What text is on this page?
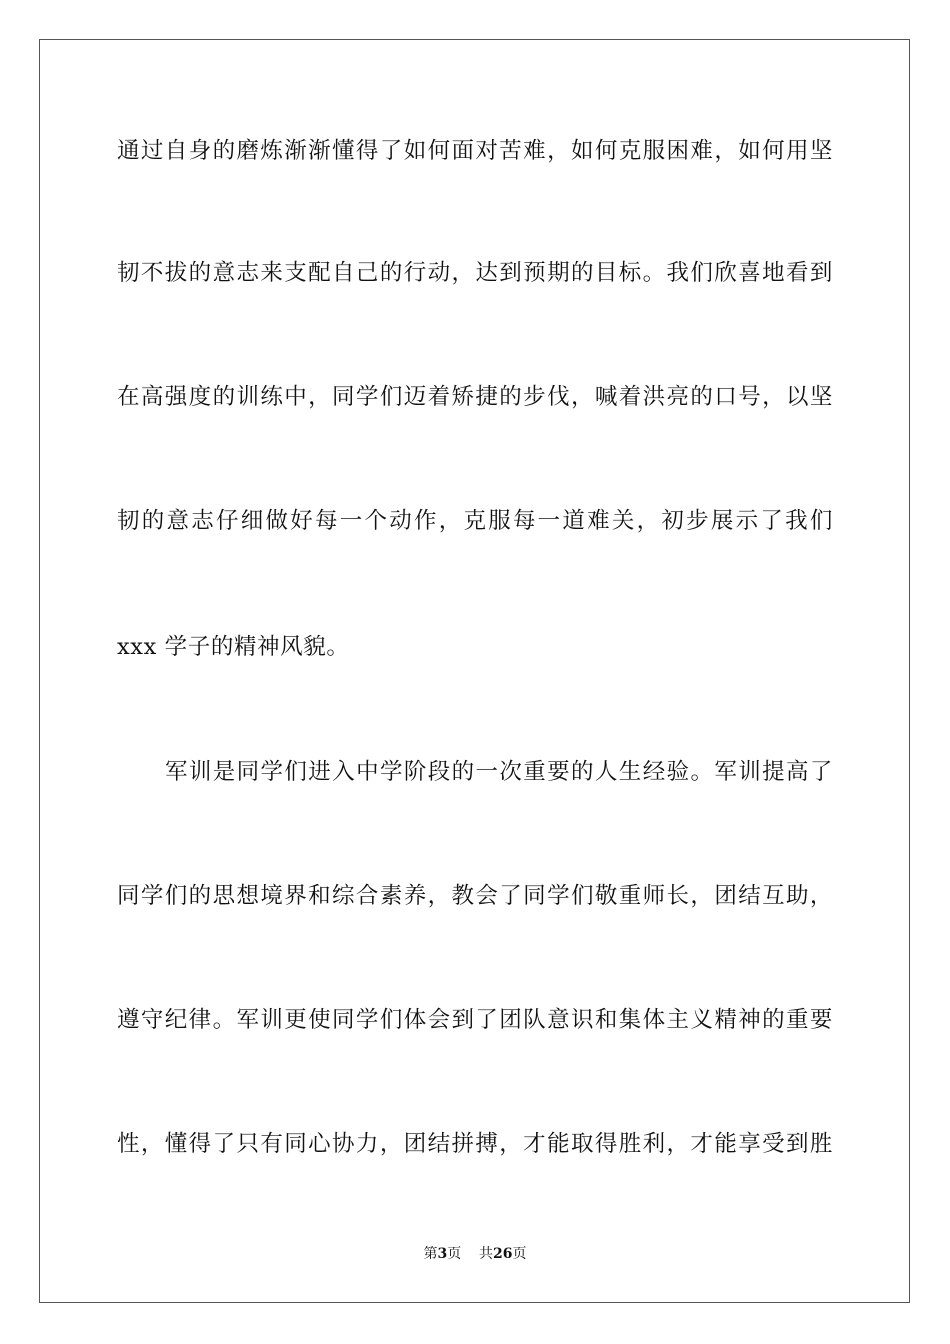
通过自身的磨炼渐渐懂得了如何面对苦难，如何克服困难，如何用坚
韧不拔的意志来支配自己的行动，达到预期的目标。我们欣喜地看到
在高强度的训练中，同学们迈着矫捷的步伐，喊着洪亮的口号，以坚
韧的意志仔细做好每一个动作，克服每一道难关，初步展示了我们
xxx 学子的精神风貌。
军训是同学们进入中学阶段的一次重要的人生经验。军训提高了
同学们的思想境界和综合素养，教会了同学们敬重师长，团结互助，
遵守纪律。军训更使同学们体会到了团队意识和集体主义精神的重要
性，懂得了只有同心协力，团结拼搏，才能取得胜利，才能享受到胜
第3页 共26页
